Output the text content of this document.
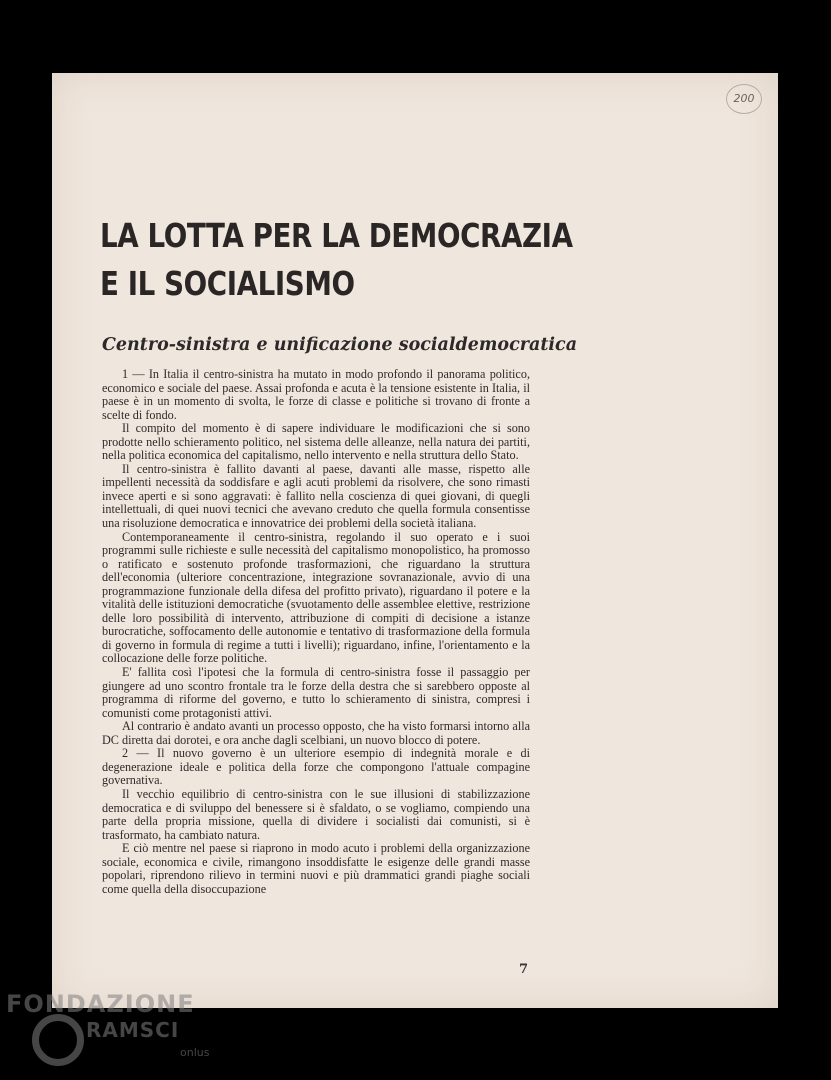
200
LA LOTTA PER LA DEMOCRAZIA
E IL SOCIALISMO
Centro-sinistra e unificazione socialdemocratica

1 — In Italia il centro-sinistra ha mutato in modo profondo il panorama politico, economico e sociale del paese. Assai profonda e acuta è la tensione esistente in Italia, il paese è in un momento di svolta, le forze di classe e politiche si trovano di fronte a scelte di fondo.

Il compito del momento è di sapere individuare le modificazioni che si sono prodotte nello schieramento politico, nel sistema delle alleanze, nella natura dei partiti, nella politica economica del capitalismo, nello intervento e nella struttura dello Stato.

Il centro-sinistra è fallito davanti al paese, davanti alle masse, rispetto alle impellenti necessità da soddisfare e agli acuti problemi da risolvere, che sono rimasti invece aperti e si sono aggravati: è fallito nella coscienza di quei giovani, di quegli intellettuali, di quei nuovi tecnici che avevano creduto che quella formula consentisse una risoluzione democratica e innovatrice dei problemi della società italiana.

Contemporaneamente il centro-sinistra, regolando il suo operato e i suoi programmi sulle richieste e sulle necessità del capitalismo monopolistico, ha promosso o ratificato e sostenuto profonde trasformazioni, che riguardano la struttura dell'economia (ulteriore concentrazione, integrazione sovranazionale, avvio di una programmazione funzionale della difesa del profitto privato), riguardano il potere e la vitalità delle istituzioni democratiche (svuotamento delle assemblee elettive, restrizione delle loro possibilità di intervento, attribuzione di compiti di decisione a istanze burocratiche, soffocamento delle autonomie e tentativo di trasformazione della formula di governo in formula di regime a tutti i livelli); riguardano, infine, l'orientamento e la collocazione delle forze politiche.

E' fallita così l'ipotesi che la formula di centro-sinistra fosse il passaggio per giungere ad uno scontro frontale tra le forze della destra che si sarebbero opposte al programma di riforme del governo, e tutto lo schieramento di sinistra, compresi i comunisti come protagonisti attivi.

Al contrario è andato avanti un processo opposto, che ha visto formarsi intorno alla DC diretta dai dorotei, e ora anche dagli scelbiani, un nuovo blocco di potere.

2 — Il nuovo governo è un ulteriore esempio di indegnità morale e di degenerazione ideale e politica della forze che compongono l'attuale compagine governativa.

Il vecchio equilibrio di centro-sinistra con le sue illusioni di stabilizzazione democratica e di sviluppo del benessere si è sfaldato, o se vogliamo, compiendo una parte della propria missione, quella di dividere i socialisti dai comunisti, si è trasformato, ha cambiato natura.

E ciò mentre nel paese si riaprono in modo acuto i problemi della organizzazione sociale, economica e civile, rimangono insoddisfatte le esigenze delle grandi masse popolari, riprendono rilievo in termini nuovi e più drammatici grandi piaghe sociali come quella della disoccupazione

7
FONDAZIONE
RAMSCI
onlus
